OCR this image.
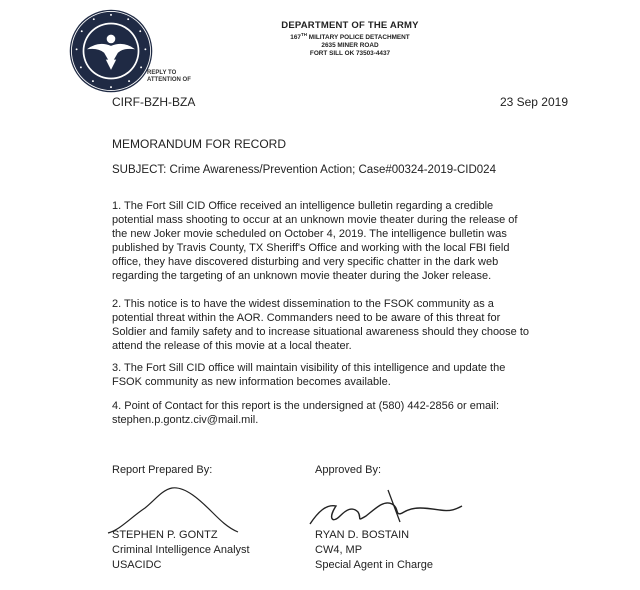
REPLY TO
ATTENTION OF
DEPARTMENT OF THE ARMY
167TH MILITARY POLICE DETACHMENT
2635 MINER ROAD
FORT SILL OK 73503-4437
CIRF-BZH-BZA	23 Sep 2019
MEMORANDUM FOR RECORD
SUBJECT: Crime Awareness/Prevention Action; Case#00324-2019-CID024

1. The Fort Sill CID Office received an intelligence bulletin regarding a credible potential mass shooting to occur at an unknown movie theater during the release of the new Joker movie scheduled on October 4, 2019. The intelligence bulletin was published by Travis County, TX Sheriff's Office and working with the local FBI field office, they have discovered disturbing and very specific chatter in the dark web regarding the targeting of an unknown movie theater during the Joker release.

2. This notice is to have the widest dissemination to the FSOK community as a potential threat within the AOR. Commanders need to be aware of this threat for Soldier and family safety and to increase situational awareness should they choose to attend the release of this movie at a local theater.

3. The Fort Sill CID office will maintain visibility of this intelligence and update the FSOK community as new information becomes available.

4. Point of Contact for this report is the undersigned at (580) 442-2856 or email: stephen.p.gontz.civ@mail.mil.

Report Prepared By:	Approved By:
STEPHEN P. GONTZ
Criminal Intelligence Analyst
USACIDC
RYAN D. BOSTAIN
CW4, MP
Special Agent in Charge
